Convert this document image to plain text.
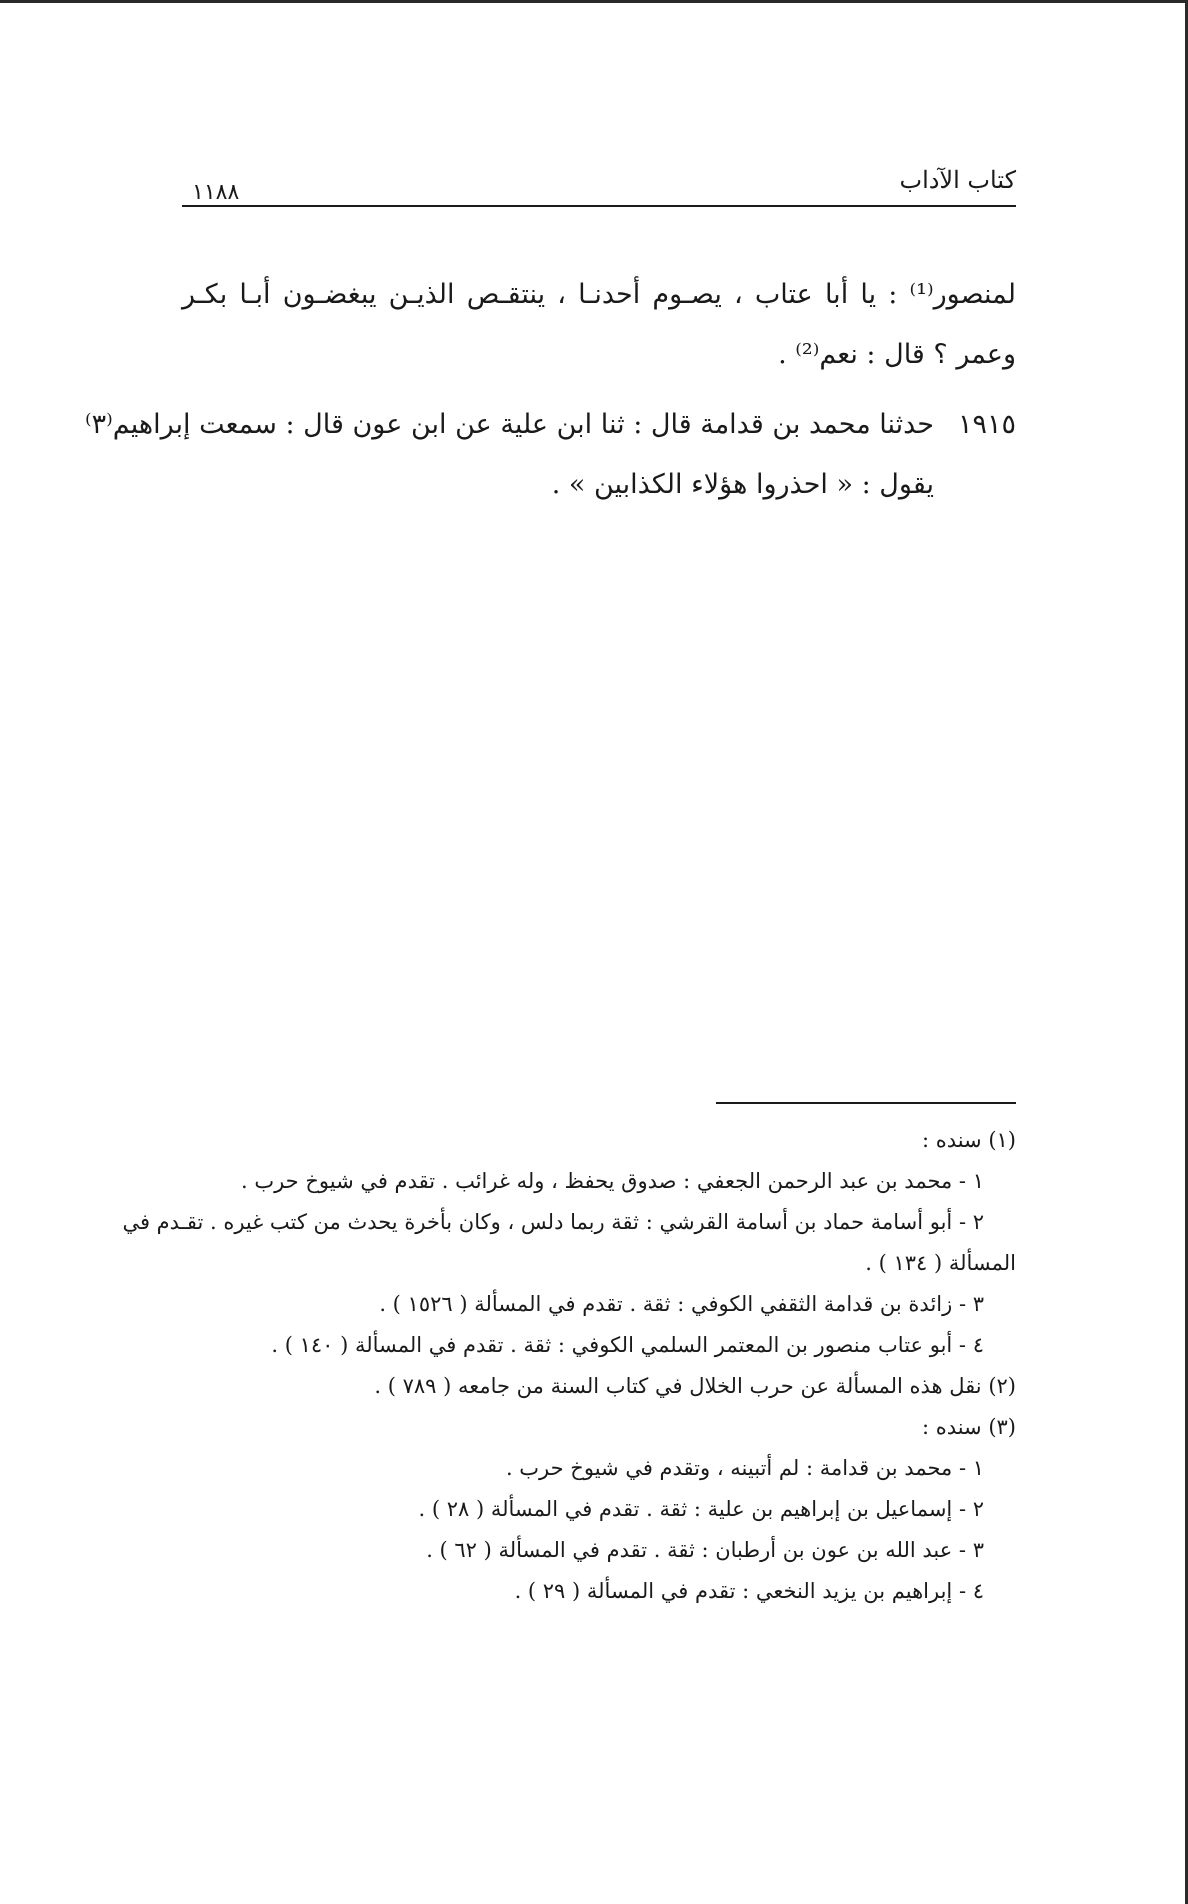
كتاب الآداب
١١٨٨
لمنصور⁽¹⁾ : يا أبا عتاب ، يصـوم أحدنـا ، ينتقـص الذيـن يبغضـون أبـا بكـر
وعمر ؟ قال : نعم⁽²⁾ .
١٩١٥حدثنا محمد بن قدامة قال : ثنا ابن علية عن ابن عون قال : سمعت إبراهيم⁽٣⁾
يقول : « احذروا هؤلاء الكذابين » .
(١) سنده :
١ - محمد بن عبد الرحمن الجعفي : صدوق يحفظ ، وله غرائب . تقدم في شيوخ حرب .
٢ - أبو أسامة حماد بن أسامة القرشي : ثقة ربما دلس ، وكان بأخرة يحدث من كتب غيره . تقـدم في
المسألة ( ١٣٤ ) .
٣ - زائدة بن قدامة الثقفي الكوفي : ثقة . تقدم في المسألة ( ١٥٢٦ ) .
٤ - أبو عتاب منصور بن المعتمر السلمي الكوفي : ثقة . تقدم في المسألة ( ١٤٠ ) .
(٢) نقل هذه المسألة عن حرب الخلال في كتاب السنة من جامعه ( ٧٨٩ ) .
(٣) سنده :
١ - محمد بن قدامة : لم أتبينه ، وتقدم في شيوخ حرب .
٢ - إسماعيل بن إبراهيم بن علية : ثقة . تقدم في المسألة ( ٢٨ ) .
٣ - عبد الله بن عون بن أرطبان : ثقة . تقدم في المسألة ( ٦٢ ) .
٤ - إبراهيم بن يزيد النخعي : تقدم في المسألة ( ٢٩ ) .
